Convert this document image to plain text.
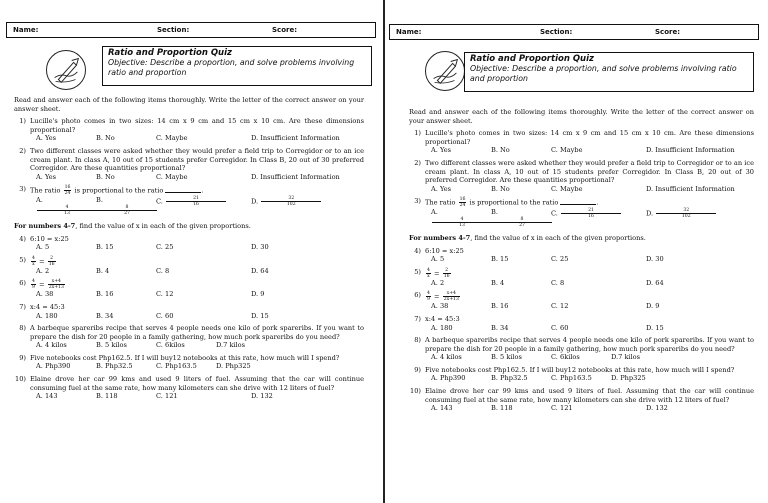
Name:	Section:	Score:
Ratio and Proportion Quiz
Objective: Describe a proportion, and solve problems involving ratio and proportion
Read and answer each of the following items thoroughly. Write the letter of the correct answer on your answer sheet.
1) Lucille's photo comes in two sizes: 14 cm x 9 cm and 15 cm x 10 cm. Are these dimensions proportional?
A. Yes	B. No	C. Maybe	D. Insufficient Information
2) Two different classes were asked whether they would prefer a field trip to Corregidor or to an ice cream plant. In class A, 10 out of 15 students prefer Corregidor. In Class B, 20 out of 30 preferred Corregidor. Are these quantities proportional?
A. Yes	B. No	C. Maybe	D. Insufficient Information
3) The ratio $\frac{16}{24}$ is proportional to the ratio	.
A.
$\frac{4}{13}$
B.
$\frac{8}{27}$
C. $\frac{21}{16}$	D. $\frac{32}{102}$
For numbers 4-7, find the value of x in each of the given proportions.
4) 6:10 = x:25
A. 5	B. 15	C. 25	D. 30
5)	$\frac{4}{x} = \frac{2}{16}$
A. 2	B. 4	C. 8	D. 64
6)	$\frac{4}{9} = \frac{x+4}{2x+13}$
A. 38	B. 16	C. 12	D. 9
7) x:4 = 45:3
A. 180	B. 34	C. 60	D. 15
8) A barbeque spareribs recipe that serves 4 people needs one kilo of pork spareribs. If you want to prepare the dish for 20 people in a family gathering, how much pork spareribs do you need?
A. 4 kilos	B. 5 kilos	C. 6kilos	D.7 kilos
9) Five notebooks cost Php162.5. If I will buy12 notebooks at this rate, how much will I spend?
A. Php390	B. Php32.5	C. Php163.5	D. Php325
10) Elaine drove her car 99 kms and used 9 liters of fuel. Assuming that the car will continue consuming fuel at the same rate, how many kilometers can she drive with 12 liters of fuel?
A. 143	B. 118	C. 121	D. 132
Name:	Section:	Score:
Ratio and Proportion Quiz
Objective: Describe a proportion, and solve problems involving ratio and proportion
Read and answer each of the following items thoroughly. Write the letter of the correct answer on your answer sheet.
1) Lucille's photo comes in two sizes: 14 cm x 9 cm and 15 cm x 10 cm. Are these dimensions proportional?
A. Yes	B. No	C. Maybe	D. Insufficient Information
2) Two different classes were asked whether they would prefer a field trip to Corregidor or to an ice cream plant. In class A, 10 out of 15 students prefer Corregidor. In Class B, 20 out of 30 preferred Corregidor. Are these quantities proportional?
A. Yes	B. No	C. Maybe	D. Insufficient Information
3) The ratio $\frac{16}{24}$ is proportional to the ratio	.
A.
$\frac{4}{13}$
B.
$\frac{8}{27}$
C. $\frac{21}{16}$	D. $\frac{32}{102}$
For numbers 4-7, find the value of x in each of the given proportions.
4) 6:10 = x:25
A. 5	B. 15	C. 25	D. 30
5)	$\frac{4}{x} = \frac{2}{16}$
A. 2	B. 4	C. 8	D. 64
6)	$\frac{4}{9} = \frac{x+4}{2x+13}$
A. 38	B. 16	C. 12	D. 9
7) x:4 = 45:3
A. 180	B. 34	C. 60	D. 15
8) A barbeque spareribs recipe that serves 4 people needs one kilo of pork spareribs. If you want to prepare the dish for 20 people in a family gathering, how much pork spareribs do you need?
A. 4 kilos	B. 5 kilos	C. 6kilos	D.7 kilos
9) Five notebooks cost Php162.5. If I will buy12 notebooks at this rate, how much will I spend?
A. Php390	B. Php32.5	C. Php163.5	D. Php325
10) Elaine drove her car 99 kms and used 9 liters of fuel. Assuming that the car will continue consuming fuel at the same rate, how many kilometers can she drive with 12 liters of fuel?
A. 143	B. 118	C. 121	D. 132
